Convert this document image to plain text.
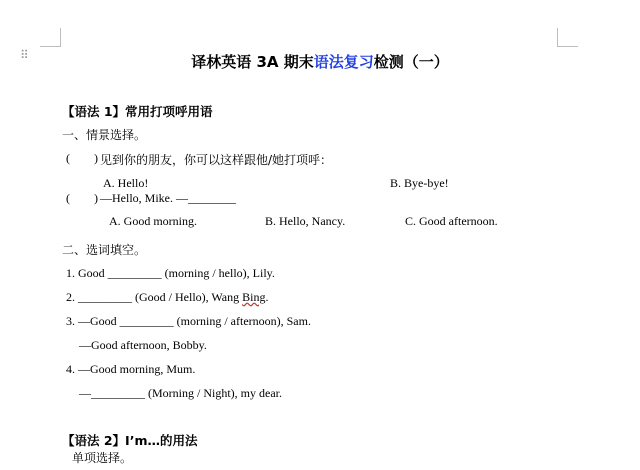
⠿	译林英语 3A 期末语法复习检测（一）
【语法 1】常用打项呼用语
一、情景选择。
( ) 见到你的朋友，你可以这样跟他/她打项呼：
A. Hello!	B. Bye-bye!
( ) —Hello, Mike. —________
A. Good morning.	B. Hello, Nancy.	C. Good afternoon.
二、选词填空。
1. Good _________ (morning / hello), Lily.
2. _________ (Good / Hello), Wang Bing.
3. —Good _________ (morning / afternoon), Sam.
—Good afternoon, Bobby.
4. —Good morning, Mum.
—_________ (Morning / Night), my dear.
【语法 2】I’m…的用法
单项选择。
